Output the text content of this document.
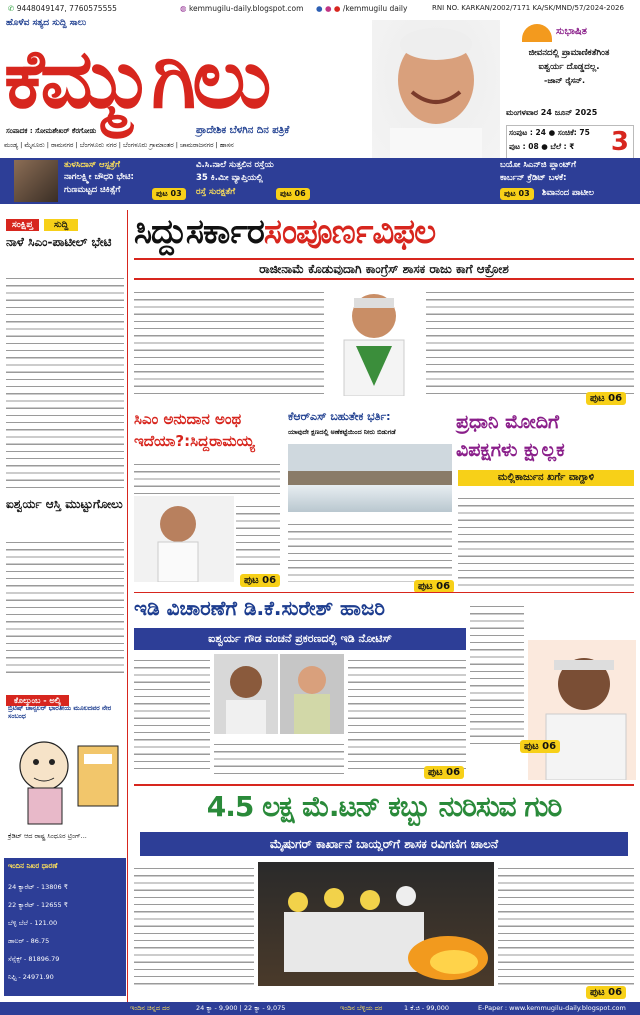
✆ 9448049147, 7760575555	◍ kemmugilu-daily.blogspot.com ● ● ● /kemmugilu daily	RNI NO. KARKAN/2002/7171 KA/SK/MND/57/2024-2026
ಹೊಳೆವ ಸತ್ಯದ ಸುದ್ದಿ ಸಾಲು
ಕೆಮ್ಮುಗಿಲು
ಸಂಪಾದಕ : ಸೋಮಶೇಖರ್ ಕೆರಗೋಡು	ಪ್ರಾದೇಶಿಕ ಬೆಳಗಿನ ದಿನ ಪತ್ರಿಕೆ
ಮಂಡ್ಯ | ಮೈಸೂರು | ರಾಮನಗರ | ಬೆಂಗಳೂರು ನಗರ | ಬೆಂಗಳೂರು ಗ್ರಾಮಾಂತರ | ಚಾಮರಾಜನಗರ | ಹಾಸನ
ಸುಭಾಷಿತ
ಜೀವನದಲ್ಲಿ ಪ್ರಾಮಾಣಿಕತೆಗಿಂತ
ಐಶ್ವರ್ಯ ದೊಡ್ಡದಲ್ಲ.
-ಜಾನ್ ರೈಸನ್.
ಮಂಗಳವಾರ 24 ಜೂನ್ 2025
ಸಂಪುಟ : 24 ● ಸಂಚಿಕೆ: 75
ಪುಟ : 08 ● ಬೆಲೆ : ₹ 3
ತುಳಸಿದಾಸ್ ಆಸ್ಪತ್ರೆಗೆ
ನಾಗಲಕ್ಷ್ಮೀ ಚೌಧರಿ ಭೇಟಿ:
ಗುಣಮಟ್ಟದ ಚಿಕಿತ್ಸೆಗೆ	ಪುಟ 03
ವಿ.ಸಿ.ನಾಲೆ ಸುತ್ತಲಿನ ರಸ್ತೆಯ
35 ಕಿ.ಮೀ ವ್ಯಾಪ್ತಿಯಲ್ಲಿ
ರಸ್ತೆ ಸುರಕ್ಷತೆಗೆ	ಪುಟ 06
ಬಯೋ ಸಿಎನ್‌ಜಿ ಪ್ಲಾಂಟ್‌ಗೆ
ಕಾರ್ಬನ್ ಕ್ರೆಡಿಟ್ ಬಳಕೆ:
ಪುಟ 03	ಶಿವಾನಂದ ಪಾಟೀಲ
ಸಂಕ್ಷಿಪ್ತ ಸುದ್ದಿ
ನಾಳೆ ಸಿಎಂ-ಪಾಟೀಲ್ ಭೇಟಿ
ಐಶ್ವರ್ಯ ಆಸ್ತಿ ಮುಟ್ಟುಗೋಲು
ಕೊಲ್ಕುಂಬ - ಅಲ್ಕಿ
ಬ್ರಿಟಿಷ್ ಚಾನ್ಸಲರ್ ಭಾರತೀಯ ಮೂಲದವರ ನೇರ ಸಂಬಂಧ
ಕ್ರೆಡಿಟ್ ಆದ ರಾಷ್ಟ್ರ ಸಿಂಧೂರ ಟ್ರಿಂಗ್...
ಇಂದಿನ ನಿಖರ ಧಾರಣೆ
24 ಕ್ಯಾರೆಟ್ - 13806 ₹
22 ಕ್ಯಾರೆಟ್ - 12655 ₹
ಬೆಳ್ಳಿ ಬೆಲೆ - 121.00
ಡಾಲರ್ - 86.75
ಸೆನ್ಸೆಕ್ಸ್ - 81896.79
ನಿಫ್ಟಿ - 24971.90
ಸಿದ್ದುಸರ್ಕಾರಸಂಪೂರ್ಣವಿಫಲ
ರಾಜೀನಾಮೆ ಕೊಡುವುದಾಗಿ ಕಾಂಗ್ರೆಸ್ ಶಾಸಕ ರಾಜು ಕಾಗೆ ಆಕ್ರೋಶ
ಪುಟ 06
ಸಿಎಂ ಅನುದಾನ ಅಂಥ
ಇದೆಯಾ?:ಸಿದ್ದರಾಮಯ್ಯ
ಪುಟ 06
ಕೆಆರ್‌ಎಸ್ ಬಹುತೇಕ ಭರ್ತಿ:
ಯಾವುದೇ ಕ್ಷಣದಲ್ಲಿ ಅಣೆಕಟ್ಟೆಯಿಂದ ನೀರು ಬಿಡುಗಡೆ
ಪುಟ 06
ಪ್ರಧಾನಿ ಮೋದಿಗೆ
ವಿಪಕ್ಷಗಳು ಕ್ಷುಲ್ಲಕ
ಮಲ್ಲಿಕಾರ್ಜುನ ಖರ್ಗೆ ವಾಗ್ದಾಳಿ
ಇಡಿ ವಿಚಾರಣೆಗೆ ಡಿ.ಕೆ.ಸುರೇಶ್ ಹಾಜರಿ
ಐಶ್ವರ್ಯ ಗೌಡ ವಂಚನೆ ಪ್ರಕರಣದಲ್ಲಿ ಇಡಿ ನೋಟಿಸ್
ಪುಟ 06
ಪುಟ 06
4.5 ಲಕ್ಷ ಮೆ.ಟನ್ ಕಬ್ಬು ನುರಿಸುವ ಗುರಿ
ಮೈಷುಗರ್ ಕಾರ್ಖಾನೆ ಬಾಯ್ಲರ್‌ಗೆ ಶಾಸಕ ರವಿಗಣಿಗ ಚಾಲನೆ
ಪುಟ 06
ಇಂದಿನ ಚಿನ್ನದ ದರ	24 ಕ್ಯಾ - 9,900 | 22 ಕ್ಯಾ - 9,075	ಇಂದಿನ ಬೆಳ್ಳಿಯ ದರ	1 ಕೆ.ಜಿ - 99,000	E-Paper : www.kemmugilu-daily.blogspot.com
